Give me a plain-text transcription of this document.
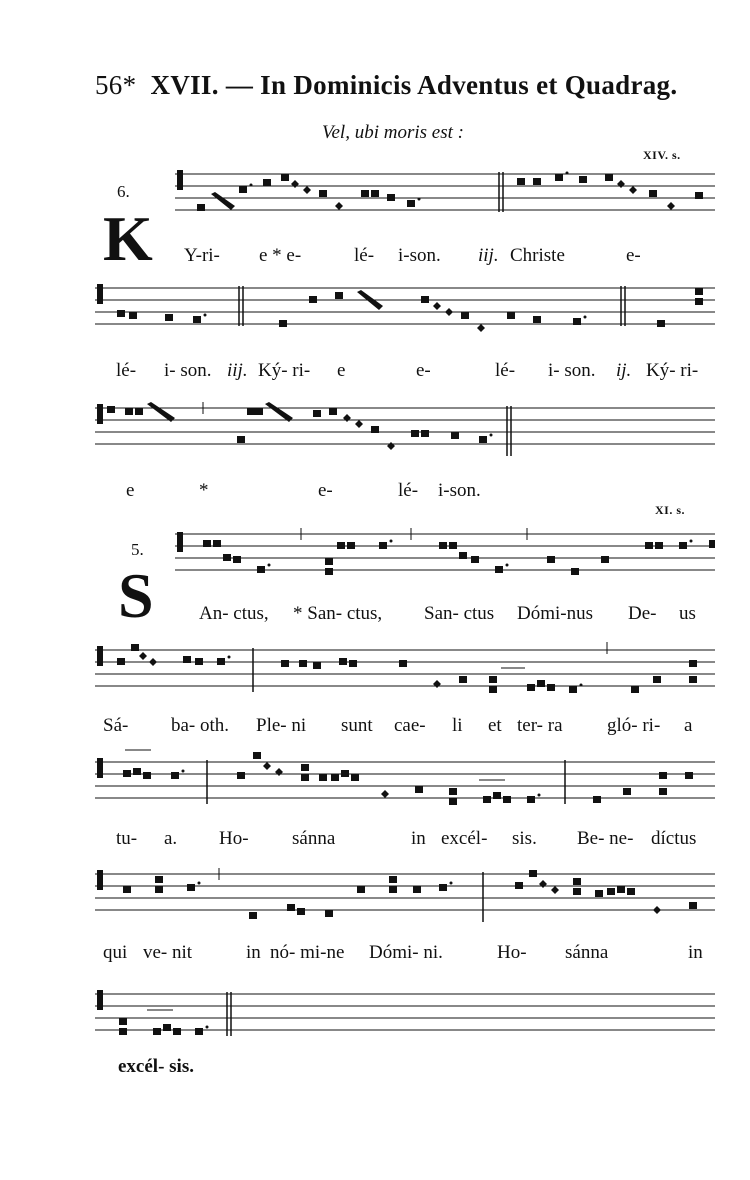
56* XVII. — In Dominicis Adventus et Quadrag.
Vel, ubi moris est :
XIV. s.
6.
K Y-ri- e * e-	lé- i-son. iij. Christe	e-
lé- i- son. iij. Ký- ri- e	e-	lé- i- son. ij. Ký- ri-
e	*	e-	lé- i-son.
XI. s.
5.
S An- ctus, * San- ctus, San- ctus Dómi-nus De- us
Sá- ba- oth. Ple- ni sunt cae- li et ter- ra gló- ri- a
tu- a. Ho- sánna	in excél- sis. Be- ne- díctus
qui ve- nit	in nó- mi-ne Dómi- ni.	Ho- sánna	in
excél- sis.
